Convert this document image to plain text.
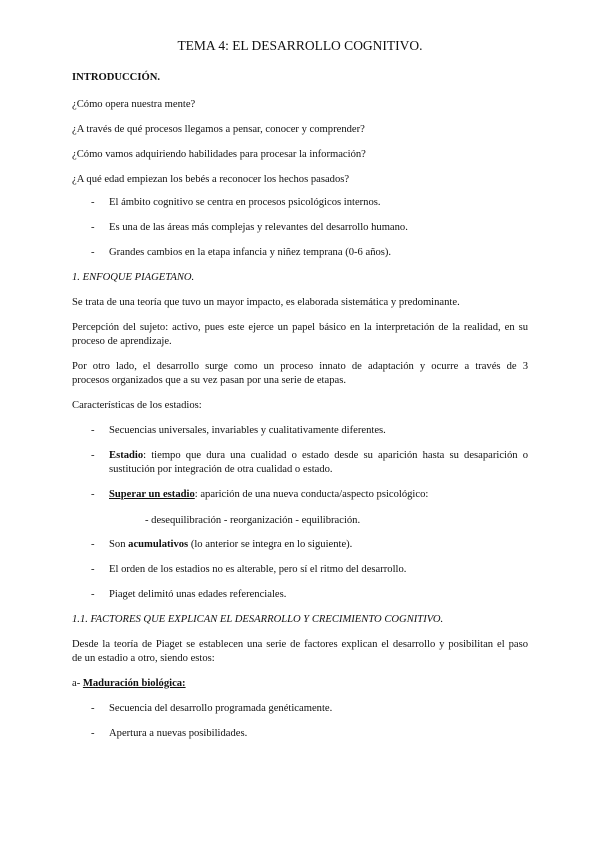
TEMA 4: EL DESARROLLO COGNITIVO.
INTRODUCCIÓN.
¿Cómo opera nuestra mente?
¿A través de qué procesos llegamos a pensar, conocer y comprender?
¿Cómo vamos adquiriendo habilidades para procesar la información?
¿A qué edad empiezan los bebés a reconocer los hechos pasados?
- El ámbito cognitivo se centra en procesos psicológicos internos.
- Es una de las áreas más complejas y relevantes del desarrollo humano.
- Grandes cambios en la etapa infancia y niñez temprana (0-6 años).
1. ENFOQUE PIAGETANO.
Se trata de una teoría que tuvo un mayor impacto, es elaborada sistemática y predominante.
Percepción del sujeto: activo, pues este ejerce un papel básico en la interpretación de la realidad, en su
proceso de aprendizaje.
Por otro lado, el desarrollo surge como un proceso innato de adaptación y ocurre a través de 3
procesos organizados que a su vez pasan por una serie de etapas.
Características de los estadios:
- Secuencias universales, invariables y cualitativamente diferentes.
- Estadio: tiempo que dura una cualidad o estado desde su aparición hasta su desaparición o
sustitución por integración de otra cualidad o estado.
- Superar un estadio: aparición de una nueva conducta/aspecto psicológico:
- desequilibración - reorganización - equilibración.
- Son acumulativos (lo anterior se integra en lo siguiente).
- El orden de los estadios no es alterable, pero sí el ritmo del desarrollo.
- Piaget delimitó unas edades referenciales.
1.1. FACTORES QUE EXPLICAN EL DESARROLLO Y CRECIMIENTO COGNITIVO.
Desde la teoría de Piaget se establecen una serie de factores explican el desarrollo y posibilitan el paso
de un estadio a otro, siendo estos:
a- Maduración biológica:
- Secuencia del desarrollo programada genéticamente.
- Apertura a nuevas posibilidades.
